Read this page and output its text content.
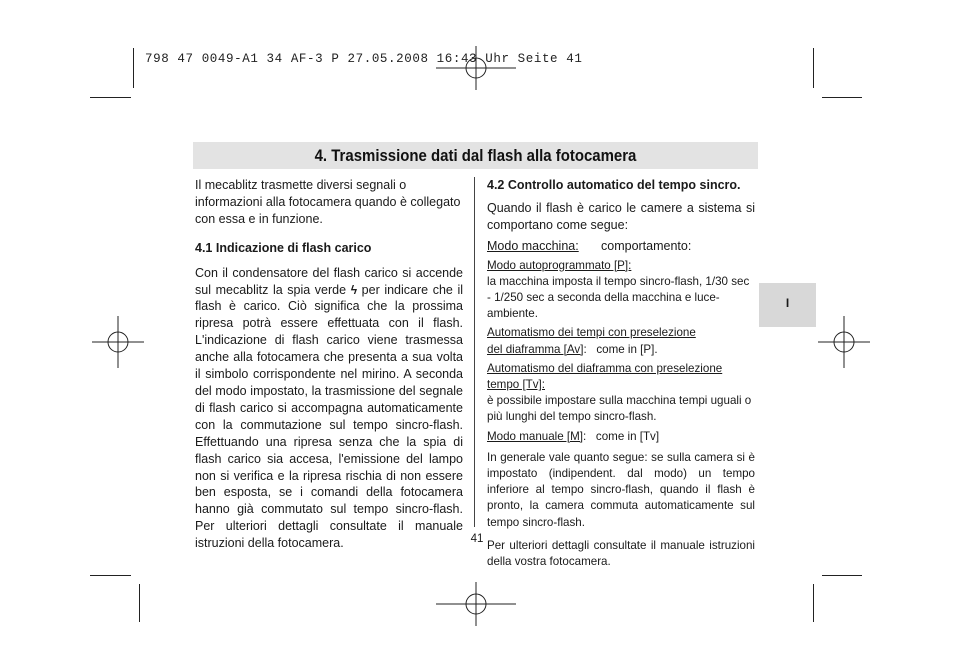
798 47 0049-A1 34 AF-3 P 27.05.2008 16:43 Uhr Seite 41
4. Trasmissione dati dal flash alla fotocamera

Il mecablitz trasmette diversi segnali o informazioni alla fotocamera quando è collegato con essa e in funzione.

4.1 Indicazione di flash carico

Con il condensatore del flash carico si accende sul mecablitz la spia verde ϟ per indicare che il flash è carico. Ciò significa che la prossima ripresa potrà essere effettuata con il flash. L'indicazione di flash carico viene trasmessa anche alla fotocamera che presenta a sua volta il simbolo corrispondente nel mirino. A seconda del modo impostato, la trasmissione del segnale di flash carico si accompagna automaticamente con la commutazione sul tempo sincro-flash. Effettuando una ripresa senza che la spia di flash carico sia accesa, l'emissione del lampo non si verifica e la ripresa rischia di non essere ben esposta, se i comandi della fotocamera hanno già commutato sul tempo sincro-flash. Per ulteriori dettagli consultate il manuale istruzioni della fotocamera.

4.2 Controllo automatico del tempo sincro.

Quando il flash è carico le camere a sistema si comportano come segue:

Modo macchina:	comportamento:
Modo autoprogrammato [P]:
la macchina imposta il tempo sincro-flash, 1/30 sec - 1/250 sec a seconda della macchina e luce-ambiente.
Automatismo dei tempi con preselezione
del diaframma [Av]:   come in [P].
Automatismo del diaframma con preselezione tempo [Tv]:
è possibile impostare sulla macchina tempi uguali o più lunghi del tempo sincro-flash.
Modo manuale [M]:   come in [Tv]

In generale vale quanto segue: se sulla camera si è impostato (indipendent. dal modo) un tempo inferiore al tempo sincro-flash, quando il flash è pronto, la camera commuta automaticamente sul tempo sincro-flash.

Per ulteriori dettagli consultate il manuale istruzioni della vostra fotocamera.

41
I
